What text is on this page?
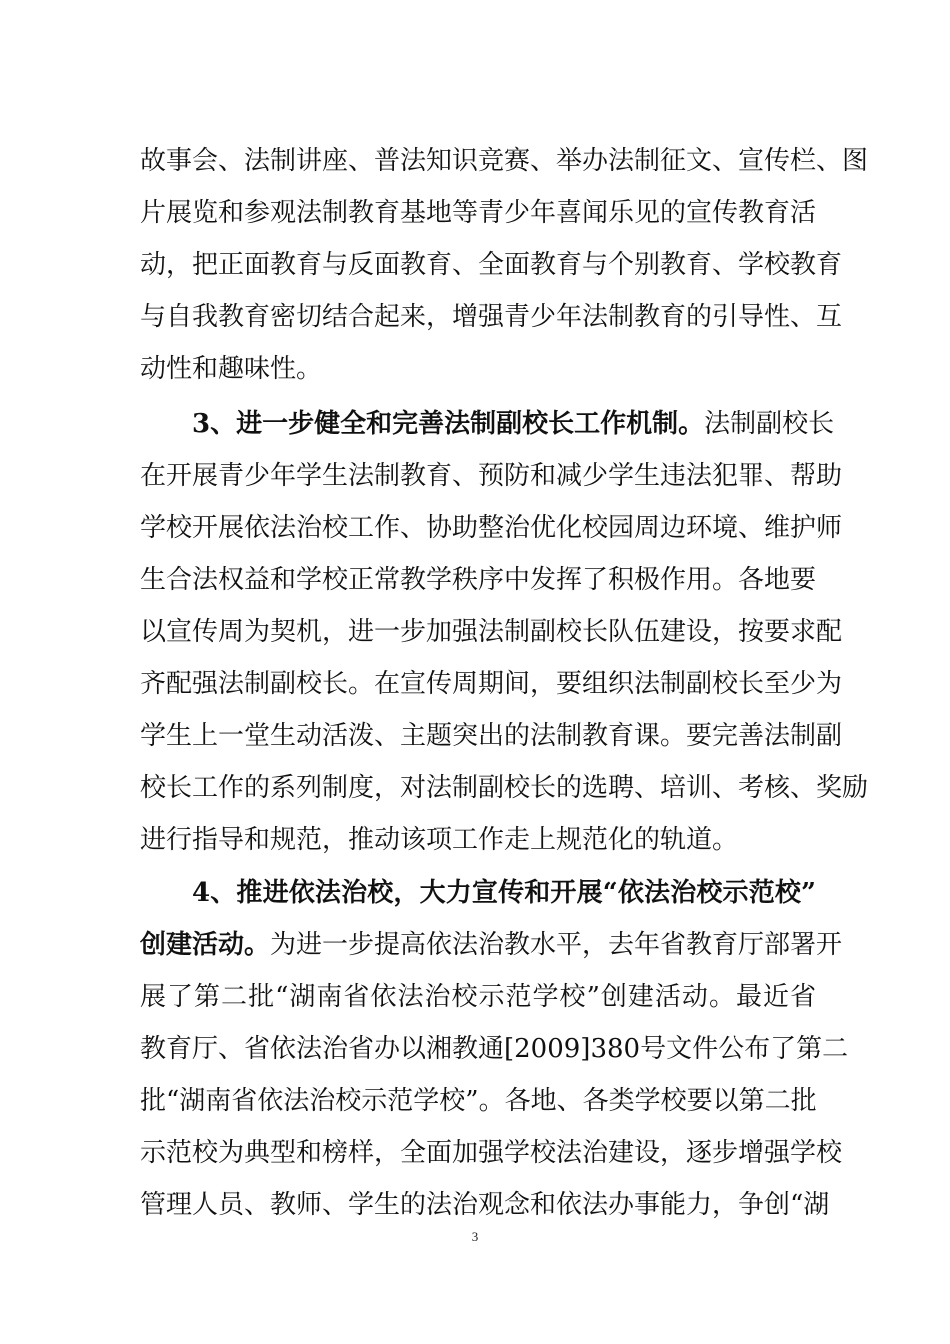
故事会、法制讲座、普法知识竞赛、举办法制征文、宣传栏、图
片展览和参观法制教育基地等青少年喜闻乐见的宣传教育活
动，把正面教育与反面教育、全面教育与个别教育、学校教育
与自我教育密切结合起来，增强青少年法制教育的引导性、互
动性和趣味性。
3、进一步健全和完善法制副校长工作机制。法制副校长
在开展青少年学生法制教育、预防和减少学生违法犯罪、帮助
学校开展依法治校工作、协助整治优化校园周边环境、维护师
生合法权益和学校正常教学秩序中发挥了积极作用。各地要
以宣传周为契机，进一步加强法制副校长队伍建设，按要求配
齐配强法制副校长。在宣传周期间，要组织法制副校长至少为
学生上一堂生动活泼、主题突出的法制教育课。要完善法制副
校长工作的系列制度，对法制副校长的选聘、培训、考核、奖励
进行指导和规范，推动该项工作走上规范化的轨道。
4、推进依法治校，大力宣传和开展“依法治校示范校”
创建活动。为进一步提高依法治教水平，去年省教育厅部署开
展了第二批“湖南省依法治校示范学校”创建活动。最近省
教育厅、省依法治省办以湘教通[2009]380号文件公布了第二
批“湖南省依法治校示范学校”。各地、各类学校要以第二批
示范校为典型和榜样，全面加强学校法治建设，逐步增强学校
管理人员、教师、学生的法治观念和依法办事能力，争创“湖
3
